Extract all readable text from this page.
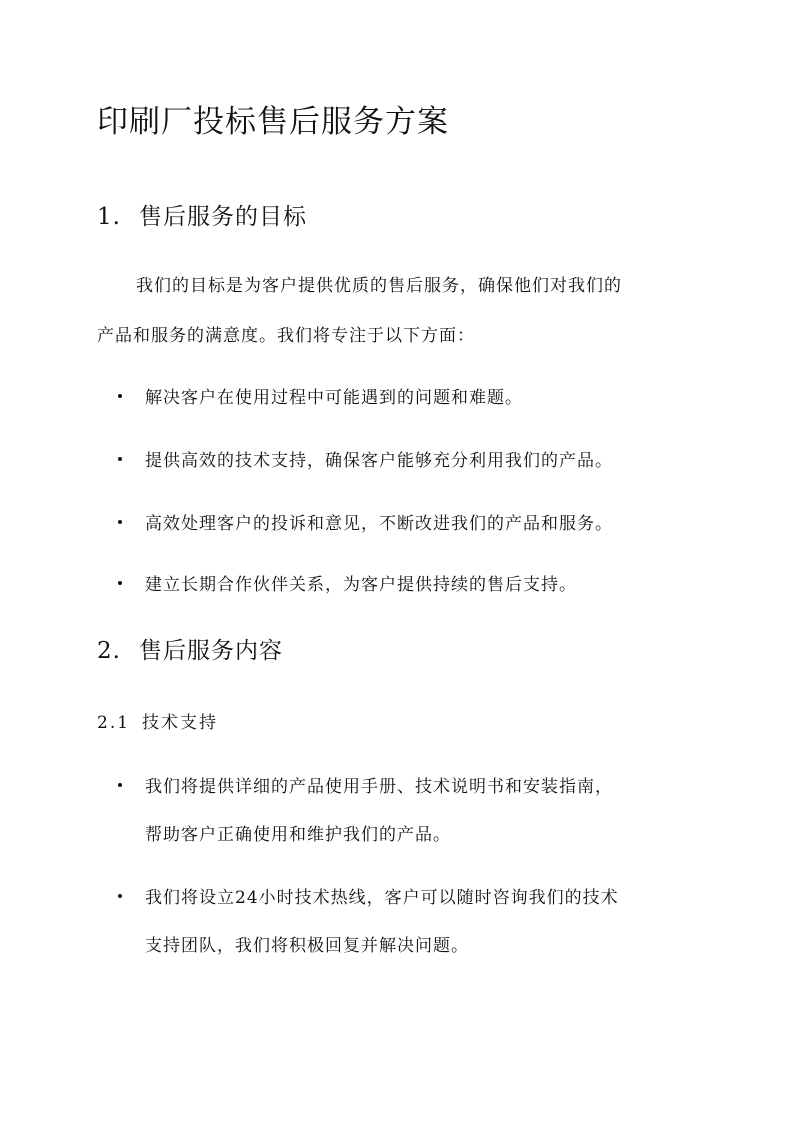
印刷厂投标售后服务方案
1. 售后服务的目标
我们的目标是为客户提供优质的售后服务，确保他们对我们的
产品和服务的满意度。我们将专注于以下方面：
解决客户在使用过程中可能遇到的问题和难题。
提供高效的技术支持，确保客户能够充分利用我们的产品。
高效处理客户的投诉和意见，不断改进我们的产品和服务。
建立长期合作伙伴关系，为客户提供持续的售后支持。
2. 售后服务内容
2.1 技术支持
我们将提供详细的产品使用手册、技术说明书和安装指南，
帮助客户正确使用和维护我们的产品。
我们将设立24小时技术热线，客户可以随时咨询我们的技术
支持团队，我们将积极回复并解决问题。
